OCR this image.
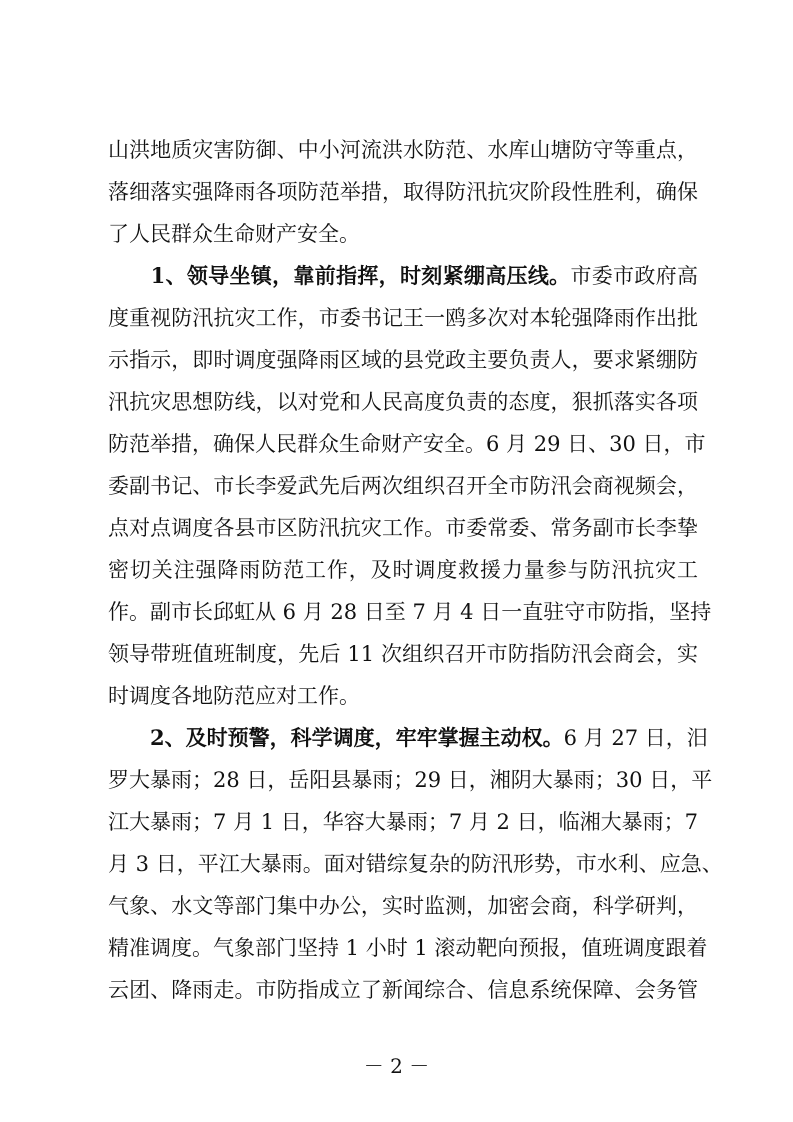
山洪地质灾害防御、中小河流洪水防范、水库山塘防守等重点，
落细落实强降雨各项防范举措，取得防汛抗灾阶段性胜利，确保
了人民群众生命财产安全。
　　1、领导坐镇，靠前指挥，时刻紧绷高压线。市委市政府高
度重视防汛抗灾工作，市委书记王一鸥多次对本轮强降雨作出批
示指示，即时调度强降雨区域的县党政主要负责人，要求紧绷防
汛抗灾思想防线，以对党和人民高度负责的态度，狠抓落实各项
防范举措，确保人民群众生命财产安全。6 月 29 日、30 日，市
委副书记、市长李爱武先后两次组织召开全市防汛会商视频会，
点对点调度各县市区防汛抗灾工作。市委常委、常务副市长李挚
密切关注强降雨防范工作，及时调度救援力量参与防汛抗灾工
作。副市长邱虹从 6 月 28 日至 7 月 4 日一直驻守市防指，坚持
领导带班值班制度，先后 11 次组织召开市防指防汛会商会，实
时调度各地防范应对工作。
　　2、及时预警，科学调度，牢牢掌握主动权。6 月 27 日，汨
罗大暴雨；28 日，岳阳县暴雨；29 日，湘阴大暴雨；30 日，平
江大暴雨；7 月 1 日，华容大暴雨；7 月 2 日，临湘大暴雨；7
月 3 日，平江大暴雨。面对错综复杂的防汛形势，市水利、应急、
气象、水文等部门集中办公，实时监测，加密会商，科学研判，
精准调度。气象部门坚持 1 小时 1 滚动靶向预报，值班调度跟着
云团、降雨走。市防指成立了新闻综合、信息系统保障、会务管
－ 2 －
